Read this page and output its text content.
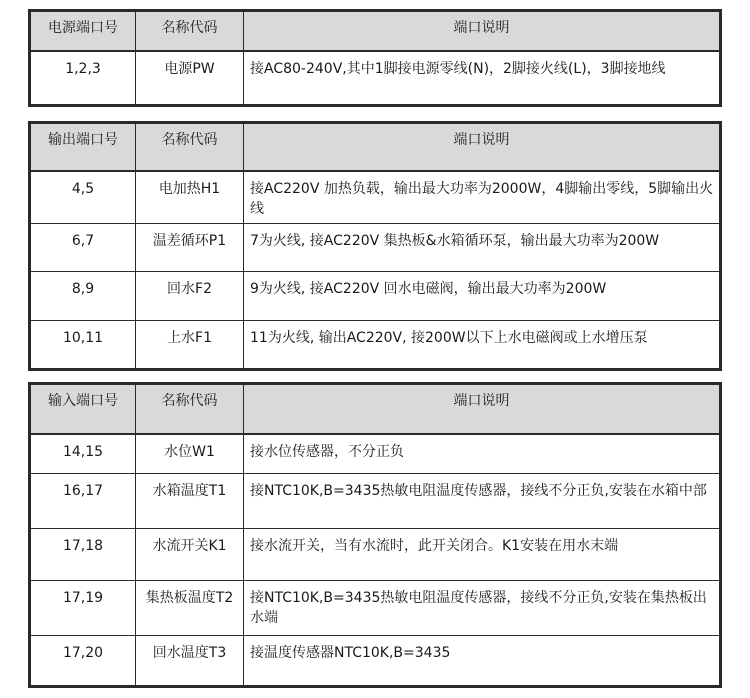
电源端口号	名称代码	端口说明
1,2,3	电源PW	接AC80-240V,其中1脚接电源零线(N)，2脚接火线(L)，3脚接地线
输出端口号	名称代码	端口说明
4,5	电加热H1	接AC220V 加热负载，输出最大功率为2000W，4脚输出零线，5脚输出火线
6,7	温差循环P1	7为火线, 接AC220V 集热板&水箱循环泵，输出最大功率为200W
8,9	回水F2	9为火线, 接AC220V 回水电磁阀，输出最大功率为200W
10,11	上水F1	11为火线, 输出AC220V, 接200W以下上水电磁阀或上水增压泵
输入端口号	名称代码	端口说明
14,15	水位W1	接水位传感器，不分正负
16,17	水箱温度T1	接NTC10K,B=3435热敏电阻温度传感器，接线不分正负,安装在水箱中部
17,18	水流开关K1	接水流开关，当有水流时，此开关闭合。K1安装在用水末端
17,19	集热板温度T2	接NTC10K,B=3435热敏电阻温度传感器，接线不分正负,安装在集热板出水端
17,20	回水温度T3	接温度传感器NTC10K,B=3435
